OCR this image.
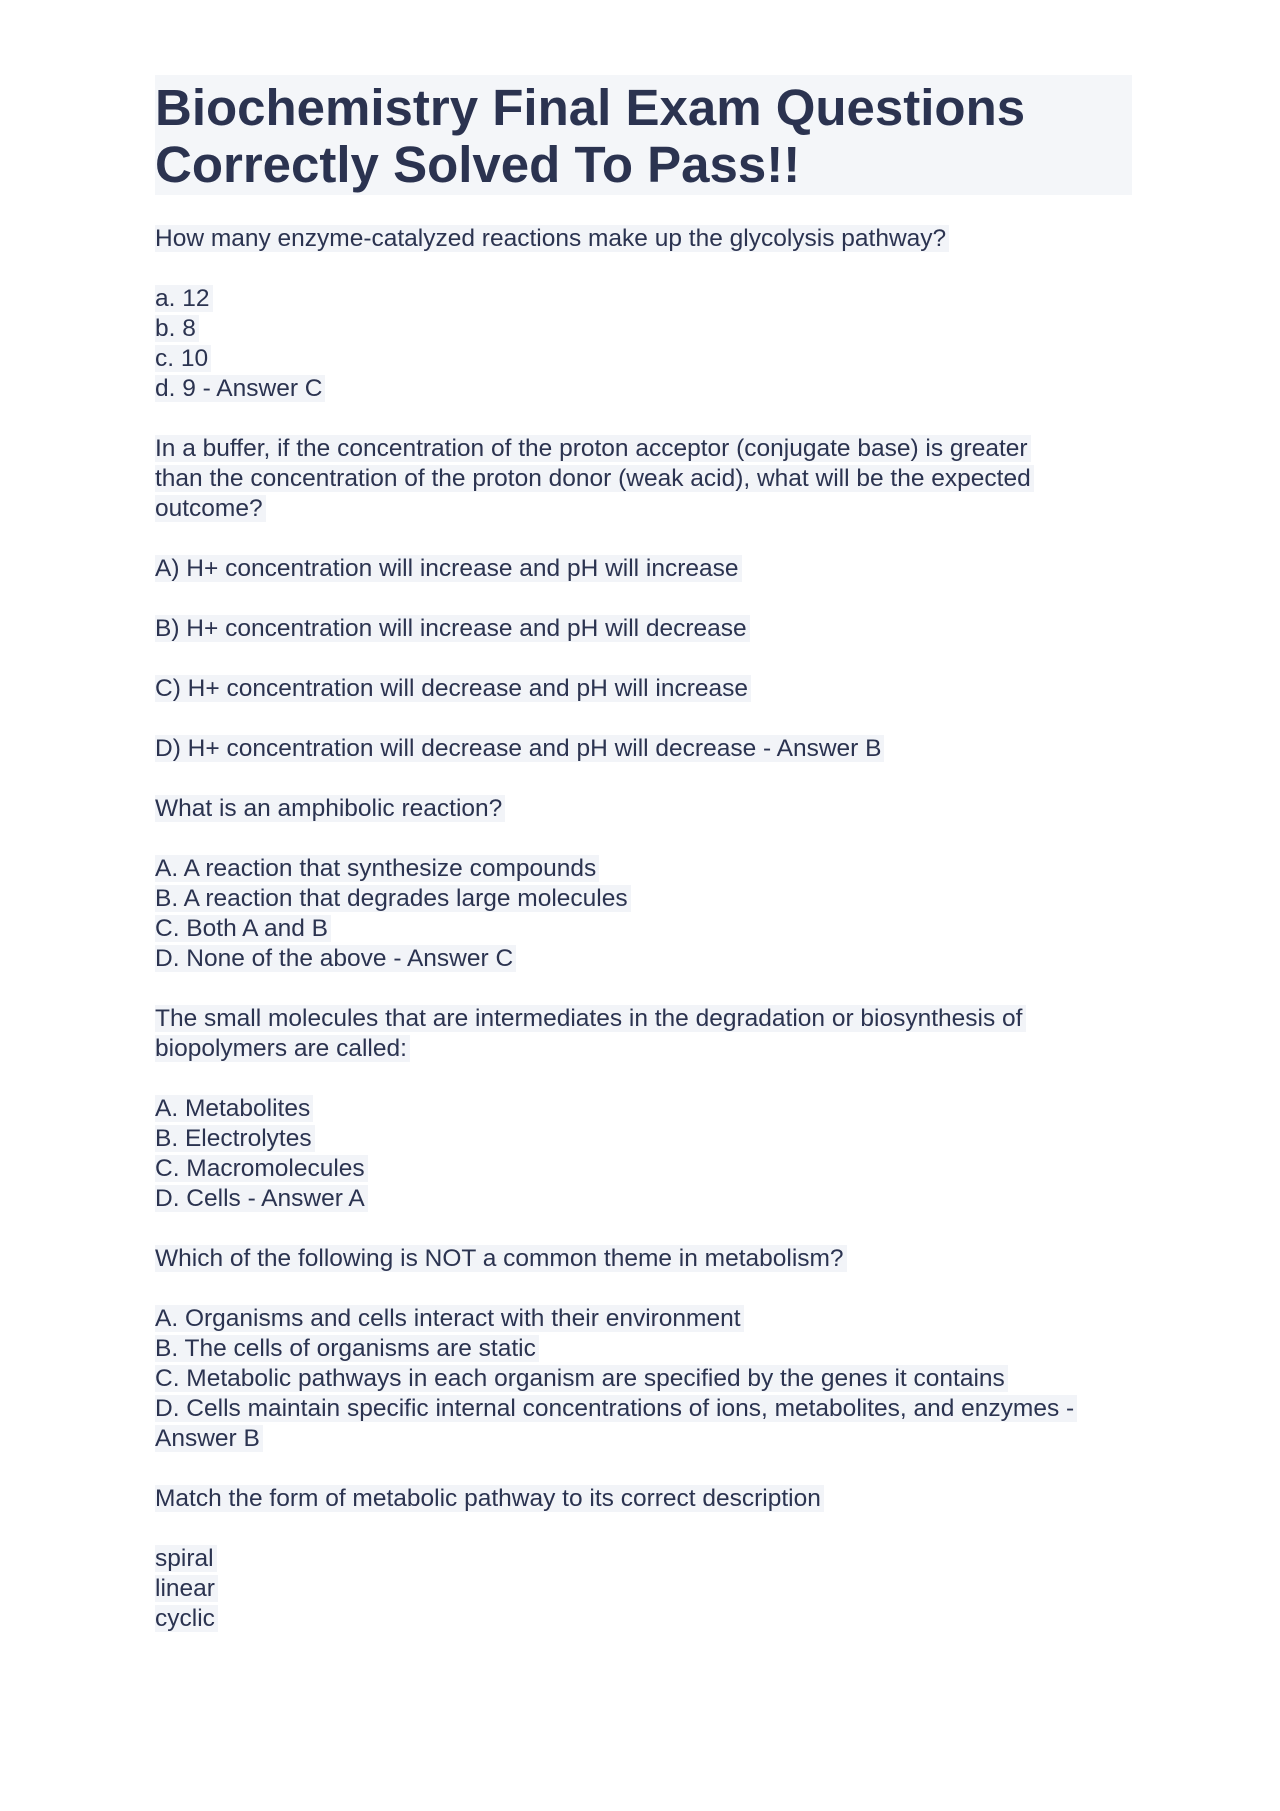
Biochemistry Final Exam Questions
Correctly Solved To Pass!!
How many enzyme-catalyzed reactions make up the glycolysis pathway?
a. 12
b. 8
c. 10
d. 9 - Answer C
In a buffer, if the concentration of the proton acceptor (conjugate base) is greater
than the concentration of the proton donor (weak acid), what will be the expected
outcome?
A) H+ concentration will increase and pH will increase
B) H+ concentration will increase and pH will decrease
C) H+ concentration will decrease and pH will increase
D) H+ concentration will decrease and pH will decrease - Answer B
What is an amphibolic reaction?
A. A reaction that synthesize compounds
B. A reaction that degrades large molecules
C. Both A and B
D. None of the above - Answer C
The small molecules that are intermediates in the degradation or biosynthesis of
biopolymers are called:
A. Metabolites
B. Electrolytes
C. Macromolecules
D. Cells - Answer A
Which of the following is NOT a common theme in metabolism?
A. Organisms and cells interact with their environment
B. The cells of organisms are static
C. Metabolic pathways in each organism are specified by the genes it contains
D. Cells maintain specific internal concentrations of ions, metabolites, and enzymes -
Answer B
Match the form of metabolic pathway to its correct description
spiral
linear
cyclic
